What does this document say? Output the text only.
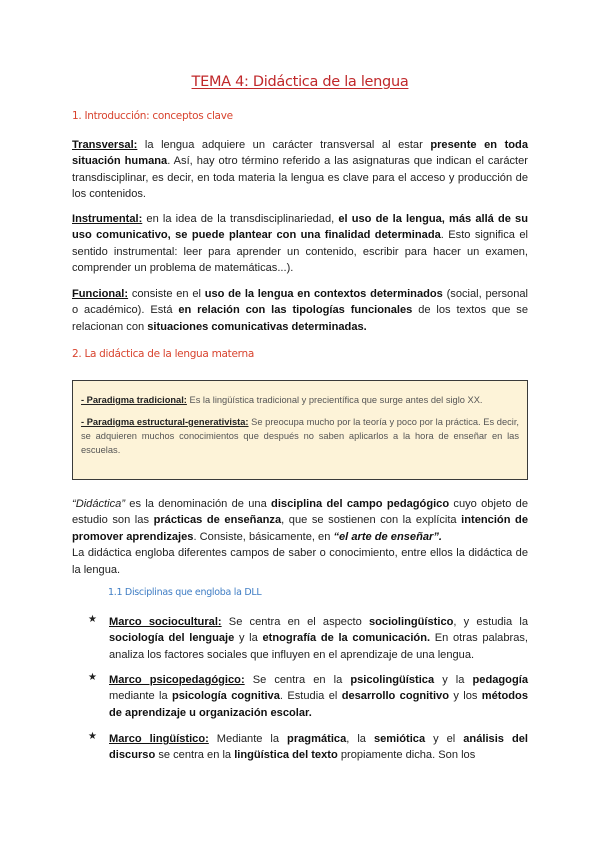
TEMA 4: Didáctica de la lengua
1. Introducción: conceptos clave
Transversal: la lengua adquiere un carácter transversal al estar presente en toda situación humana. Así, hay otro término referido a las asignaturas que indican el carácter transdisciplinar, es decir, en toda materia la lengua es clave para el acceso y producción de los contenidos.
Instrumental: en la idea de la transdisciplinariedad, el uso de la lengua, más allá de su uso comunicativo, se puede plantear con una finalidad determinada. Esto significa el sentido instrumental: leer para aprender un contenido, escribir para hacer un examen, comprender un problema de matemáticas...).
Funcional: consiste en el uso de la lengua en contextos determinados (social, personal o académico). Está en relación con las tipologías funcionales de los textos que se relacionan con situaciones comunicativas determinadas.
2. La didáctica de la lengua materna

- Paradigma tradicional: Es la lingüística tradicional y precientífica que surge antes del siglo XX.

- Paradigma estructural-generativista: Se preocupa mucho por la teoría y poco por la práctica. Es decir, se adquieren muchos conocimientos que después no saben aplicarlos a la hora de enseñar en las escuelas.

“Didáctica” es la denominación de una disciplina del campo pedagógico cuyo objeto de estudio son las prácticas de enseñanza, que se sostienen con la explícita intención de promover aprendizajes. Consiste, básicamente, en “el arte de enseñar”.
La didáctica engloba diferentes campos de saber o conocimiento, entre ellos la didáctica de la lengua.
1.1 Disciplinas que engloba la DLL
★ Marco sociocultural: Se centra en el aspecto sociolingüístico, y estudia la sociología del lenguaje y la etnografía de la comunicación. En otras palabras, analiza los factores sociales que influyen en el aprendizaje de una lengua.
★ Marco psicopedagógico: Se centra en la psicolingüística y la pedagogía mediante la psicología cognitiva. Estudia el desarrollo cognitivo y los métodos de aprendizaje u organización escolar.
★ Marco lingüístico: Mediante la pragmática, la semiótica y el análisis del discurso se centra en la lingüística del texto propiamente dicha. Son los
